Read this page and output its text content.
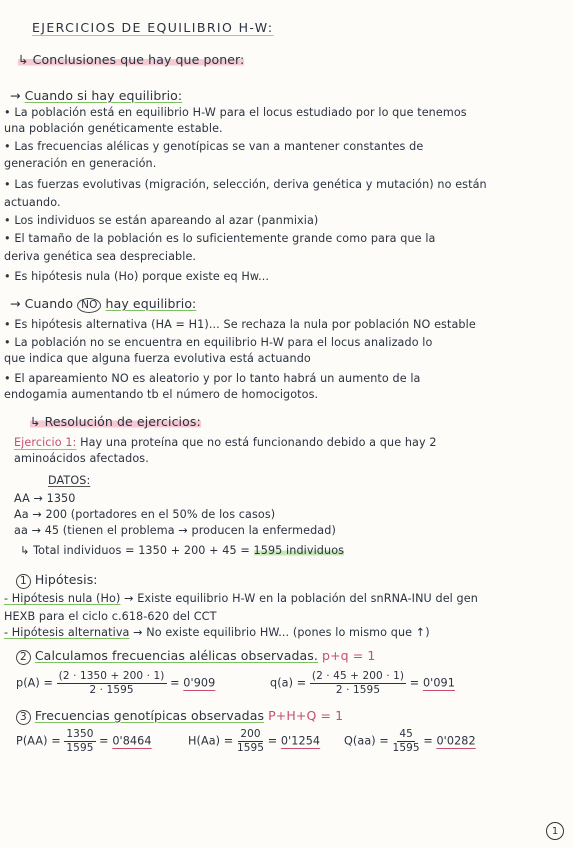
EJERCICIOS DE EQUILIBRIO H-W:
↳ Conclusiones que hay que poner:
→ Cuando si hay equilibrio:
• La población está en equilibrio H-W para el locus estudiado por lo que tenemos
una población genéticamente estable.
• Las frecuencias alélicas y genotípicas se van a mantener constantes de
generación en generación.
• Las fuerzas evolutivas (migración, selección, deriva genética y mutación) no están
actuando.
• Los individuos se están apareando al azar (panmixia)
• El tamaño de la población es lo suficientemente grande como para que la
deriva genética sea despreciable.
• Es hipótesis nula (Ho) porque existe eq Hw...
→ Cuando NO hay equilibrio:
• Es hipótesis alternativa (HA = H1)... Se rechaza la nula por población NO estable
• La población no se encuentra en equilibrio H-W para el locus analizado lo
que indica que alguna fuerza evolutiva está actuando
• El apareamiento NO es aleatorio y por lo tanto habrá un aumento de la
endogamia aumentando tb el número de homocigotos.
↳ Resolución de ejercicios:
Ejercicio 1: Hay una proteína que no está funcionando debido a que hay 2
aminoácidos afectados.
DATOS:
AA → 1350
Aa → 200 (portadores en el 50% de los casos)
aa → 45 (tienen el problema → producen la enfermedad)
↳ Total individuos = 1350 + 200 + 45 = 1595 individuos
1 Hipótesis:
- Hipótesis nula (Ho) → Existe equilibrio H-W en la población del snRNA-INU del gen
HEXB para el ciclo c.618-620 del CCT
- Hipótesis alternativa → No existe equilibrio HW... (pones lo mismo que ↑)
2 Calculamos frecuencias alélicas observadas. p+q = 1
$p(A) = \frac{(2 \cdot 1350 + 200 \cdot 1)}{2 \cdot 1595} = 0'909$	$q(a) = \frac{(2 \cdot 45 + 200 \cdot 1)}{2 \cdot 1595} = 0'091$
3 Frecuencias genotípicas observadas P+H+Q = 1
$P(AA) = \frac{1350}{1595} = 0'8464$	$H(Aa) = \frac{200}{1595} = 0'1254$ $Q(aa) = \frac{45}{1595} = 0'0282$
1
